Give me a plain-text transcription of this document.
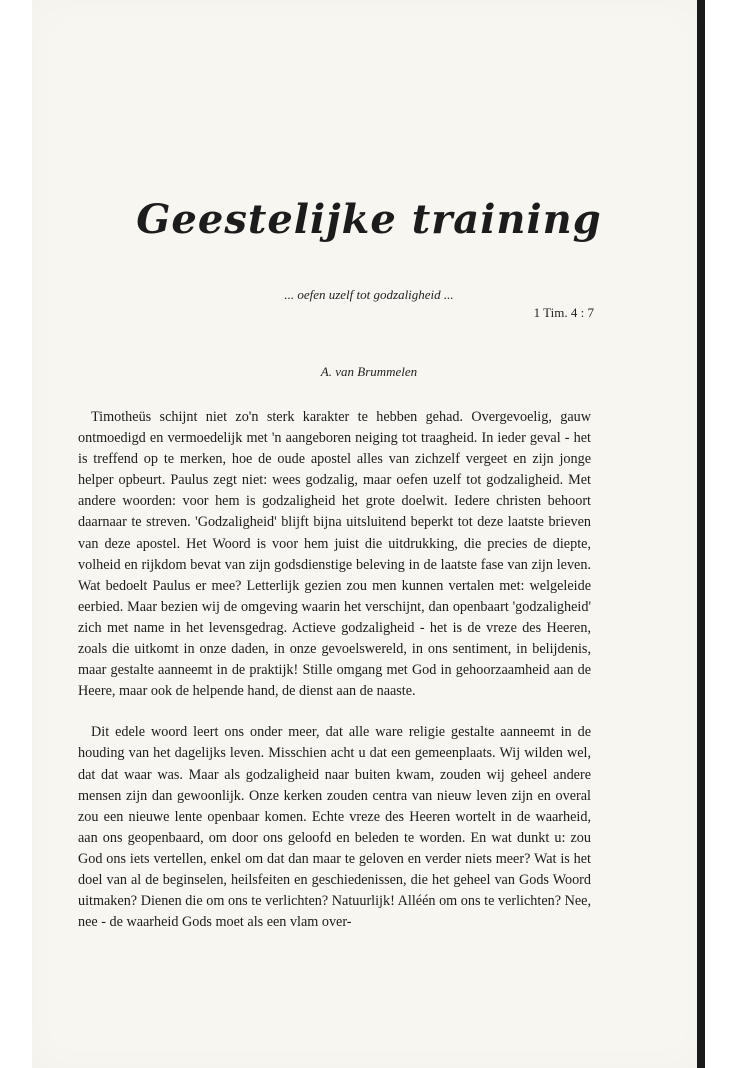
Geestelijke training
... oefen uzelf tot godzaligheid ...
1 Tim. 4 : 7
A. van Brummelen

Timotheüs schijnt niet zo'n sterk karakter te hebben gehad. Overgevoelig, gauw ontmoedigd en vermoedelijk met 'n aangeboren neiging tot traagheid. In ieder geval - het is treffend op te merken, hoe de oude apostel alles van zichzelf vergeet en zijn jonge helper opbeurt. Paulus zegt niet: wees godzalig, maar oefen uzelf tot godzaligheid. Met andere woorden: voor hem is godzaligheid het grote doelwit. Iedere christen behoort daarnaar te streven. 'Godzaligheid' blijft bijna uitsluitend beperkt tot deze laatste brieven van deze apostel. Het Woord is voor hem juist die uitdrukking, die precies de diepte, volheid en rijkdom bevat van zijn godsdienstige beleving in de laatste fase van zijn leven. Wat bedoelt Paulus er mee? Letterlijk gezien zou men kunnen vertalen met: welgeleide eerbied. Maar bezien wij de omgeving waarin het verschijnt, dan openbaart 'godzaligheid' zich met name in het levensgedrag. Actieve godzaligheid - het is de vreze des Heeren, zoals die uitkomt in onze daden, in onze gevoelswereld, in ons sentiment, in belijdenis, maar gestalte aanneemt in de praktijk! Stille omgang met God in gehoorzaamheid aan de Heere, maar ook de helpende hand, de dienst aan de naaste.

Dit edele woord leert ons onder meer, dat alle ware religie gestalte aanneemt in de houding van het dagelijks leven. Misschien acht u dat een gemeenplaats. Wij wilden wel, dat dat waar was. Maar als godzaligheid naar buiten kwam, zouden wij geheel andere mensen zijn dan gewoonlijk. Onze kerken zouden centra van nieuw leven zijn en overal zou een nieuwe lente openbaar komen. Echte vreze des Heeren wortelt in de waarheid, aan ons geopenbaard, om door ons geloofd en beleden te worden. En wat dunkt u: zou God ons iets vertellen, enkel om dat dan maar te geloven en verder niets meer? Wat is het doel van al de beginselen, heilsfeiten en geschiedenissen, die het geheel van Gods Woord uitmaken? Dienen die om ons te verlichten? Natuurlijk! Alléén om ons te verlichten? Nee, nee - de waarheid Gods moet als een vlam over-
